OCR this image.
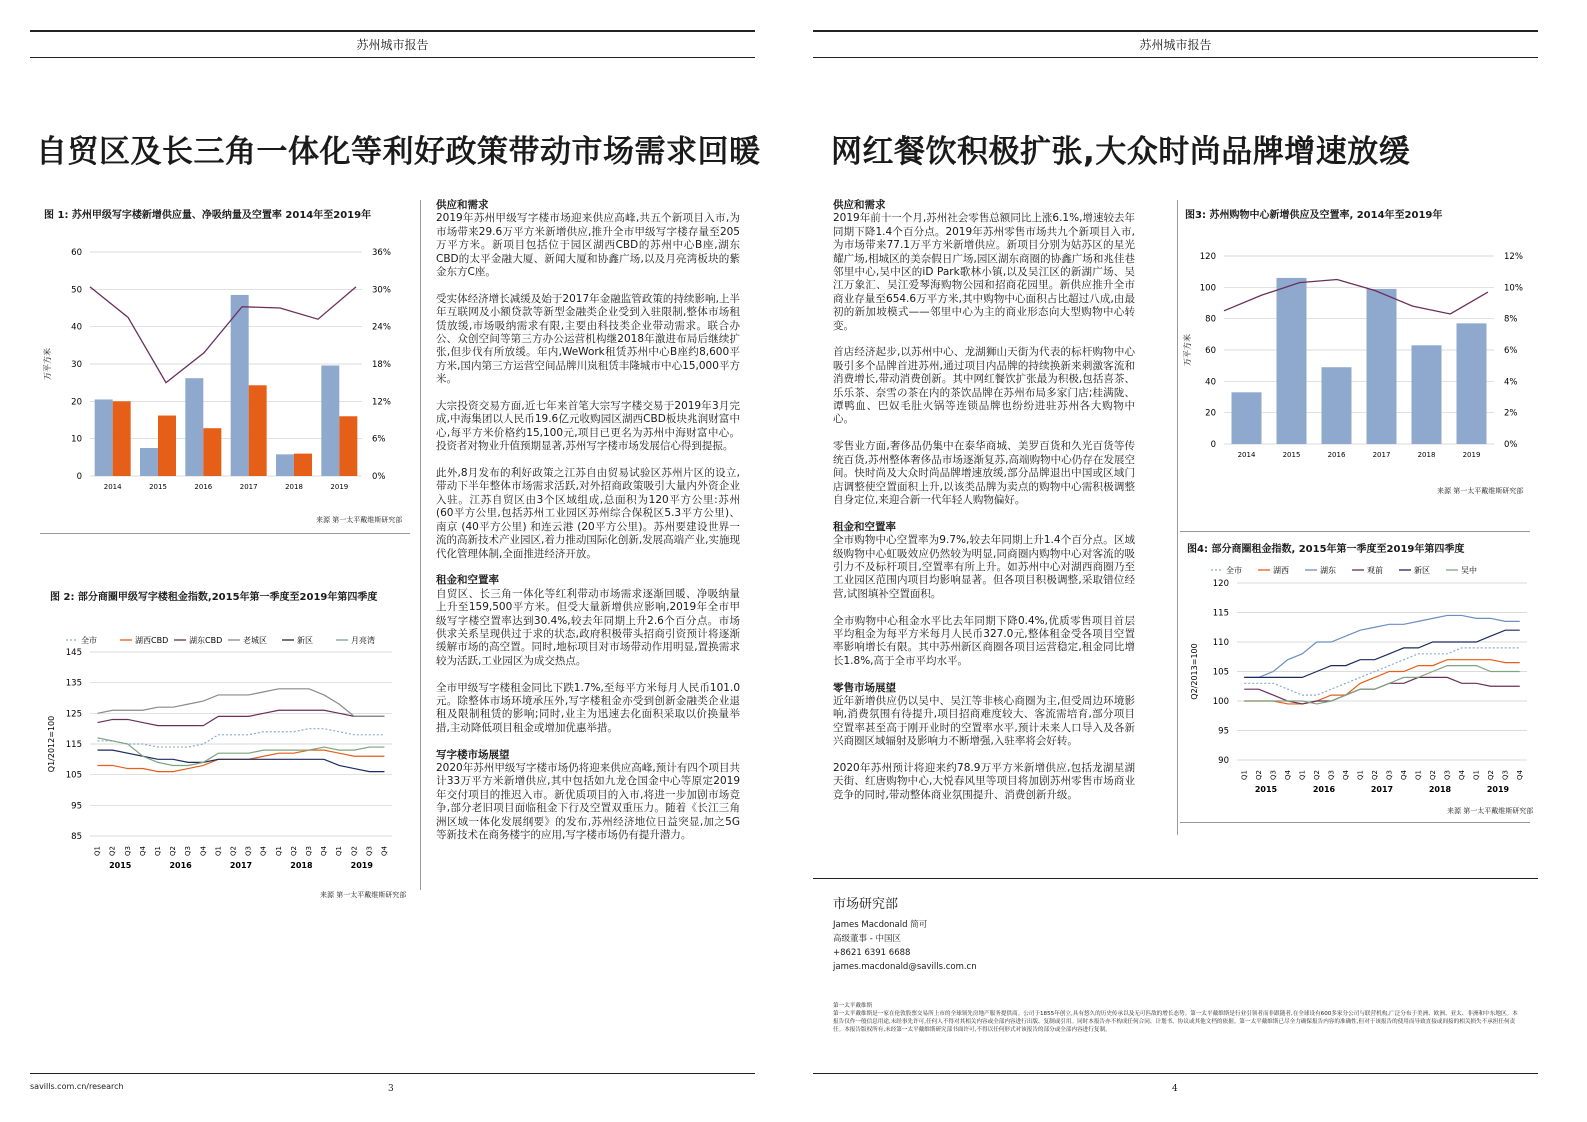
苏州城市报告
自贸区及长三角一体化等利好政策带动市场需求回暖
图 1: 苏州甲级写字楼新增供应量、净吸纳量及空置率 2014年至2019年
万平方米
0	0%
10	6%
20	12%
30	18%
40	24%
50	30%
60	36%
2014	2015	2016	2017	2018	2019
来源 第一太平戴维斯研究部
图 2: 部分商圈甲级写字楼租金指数,2015年第一季度至2019年第四季度
全市	湖西CBD	湖东CBD	老城区	新区	月亮湾
Q1/2012=100
85
95
105
115
125
135
145
Q1 Q2 Q3 Q4 Q1 Q2 Q3 Q4 Q1 Q2 Q3 Q4 Q1 Q2 Q3 Q4 Q1 Q2 Q3 Q4
2015	2016	2017	2018	2019
来源 第一太平戴维斯研究部
供应和需求

2019年苏州甲级写字楼市场迎来供应高峰,共五个新项目入市,为市场带来29.6万平方米新增供应,推升全市甲级写字楼存量至205万平方米。新项目包括位于园区湖西CBD的苏州中心B座,湖东CBD的太平金融大厦、新闻大厦和协鑫广场,以及月亮湾板块的紫金东方C座。

受实体经济增长减缓及始于2017年金融监管政策的持续影响,上半年互联网及小额贷款等新型金融类企业受到入驻限制,整体市场租赁放缓,市场吸纳需求有限,主要由科技类企业带动需求。联合办公、众创空间等第三方办公运营机构继2018年激进布局后继续扩张,但步伐有所放缓。年内,WeWork租赁苏州中心B座约8,600平方米,国内第三方运营空间品牌川岚租赁丰隆城市中心15,000平方米。

大宗投资交易方面,近七年来首笔大宗写字楼交易于2019年3月完成,中海集团以人民币19.6亿元收购园区湖西CBD板块兆润财富中心,每平方米价格约15,100元,项目已更名为苏州中海财富中心。投资者对物业升值预期显著,苏州写字楼市场发展信心得到提振。

此外,8月发布的利好政策之江苏自由贸易试验区苏州片区的设立,带动下半年整体市场需求活跃,对外招商政策吸引大量内外资企业入驻。江苏自贸区由3个区域组成,总面积为120平方公里:苏州 (60平方公里,包括苏州工业园区苏州综合保税区5.3平方公里)、南京 (40平方公里) 和连云港 (20平方公里)。苏州要建设世界一流的高新技术产业园区,着力推动国际化创新,发展高端产业,实施现代化管理体制,全面推进经济开放。

租金和空置率

自贸区、长三角一体化等红利带动市场需求逐渐回暖、净吸纳量上升至159,500平方米。但受大量新增供应影响,2019年全市甲级写字楼空置率达到30.4%,较去年同期上升2.6个百分点。市场供求关系呈现供过于求的状态,政府积极带头招商引资预计将逐渐缓解市场的高空置。同时,地标项目对市场带动作用明显,置换需求较为活跃,工业园区为成交热点。

全市甲级写字楼租金同比下跌1.7%,至每平方米每月人民币101.0元。除整体市场环境承压外,写字楼租金亦受到创新金融类企业退租及限制租赁的影响;同时,业主为迅速去化面积采取以价换量举措,主动降低项目租金或增加优惠举措。

写字楼市场展望

2020年苏州甲级写字楼市场仍将迎来供应高峰,预计有四个项目共计33万平方米新增供应,其中包括如九龙仓国金中心等原定2019年交付项目的推迟入市。新优质项目的入市,将进一步加剧市场竞争,部分老旧项目面临租金下行及空置双重压力。随着《长江三角洲区域一体化发展纲要》的发布,苏州经济地位日益突显,加之5G等新技术在商务楼宇的应用,写字楼市场仍有提升潜力。

savills.com.cn/research	3
苏州城市报告
网红餐饮积极扩张,大众时尚品牌增速放缓
供应和需求

2019年前十一个月,苏州社会零售总额同比上涨6.1%,增速较去年同期下降1.4个百分点。2019年苏州零售市场共九个新项目入市,为市场带来77.1万平方米新增供应。新项目分别为姑苏区的星光耀广场,相城区的美奈假日广场,园区湖东商圈的协鑫广场和兆佳巷邻里中心,吴中区的iD Park歌林小镇,以及吴江区的新湖广场、吴江万象汇、吴江爱琴海购物公园和招商花园里。新供应推升全市商业存量至654.6万平方米,其中购物中心面积占比超过八成,由最初的新加坡模式——邻里中心为主的商业形态向大型购物中心转变。

首店经济起步,以苏州中心、龙湖狮山天街为代表的标杆购物中心吸引多个品牌首进苏州,通过项目内品牌的持续换新来刺激客流和消费增长,带动消费创新。其中网红餐饮扩张最为积极,包括喜茶、乐乐茶、奈雪の茶在内的茶饮品牌在苏州布局多家门店;桂满陇、谭鸭血、巴奴毛肚火锅等连锁品牌也纷纷进驻苏州各大购物中心。

零售业方面,奢侈品仍集中在泰华商城、美罗百货和久光百货等传统百货,苏州整体奢侈品市场逐渐复苏,高端购物中心仍存在发展空间。快时尚及大众时尚品牌增速放缓,部分品牌退出中国或区域门店调整使空置面积上升,以该类品牌为卖点的购物中心需积极调整自身定位,来迎合新一代年轻人购物偏好。

租金和空置率

全市购物中心空置率为9.7%,较去年同期上升1.4个百分点。区域级购物中心虹吸效应仍然较为明显,同商圈内购物中心对客流的吸引力不及标杆项目,空置率有所上升。如苏州中心对湖西商圈乃至工业园区范围内项目均影响显著。但各项目积极调整,采取错位经营,试图填补空置面积。

全市购物中心租金水平比去年同期下降0.4%,优质零售项目首层平均租金为每平方米每月人民币327.0元,整体租金受各项目空置率影响增长有限。其中苏州新区商圈各项目运营稳定,租金同比增长1.8%,高于全市平均水平。

零售市场展望

近年新增供应仍以吴中、吴江等非核心商圈为主,但受周边环境影响,消费氛围有待提升,项目招商难度较大、客流需培育,部分项目空置率甚至高于刚开业时的空置率水平,预计未来人口导入及各新兴商圈区域辐射及影响力不断增强,入驻率将会好转。

2020年苏州预计将迎来约78.9万平方米新增供应,包括龙湖星湖天街、红唐购物中心,大悦春风里等项目将加剧苏州零售市场商业竞争的同时,带动整体商业氛围提升、消费创新升级。

图3: 苏州购物中心新增供应及空置率, 2014年至2019年
万平方米
0	0%
20	2%
40	4%
60	6%
80	8%
100	10%
120	12%
2014	2015	2016	2017	2018	2019
来源 第一太平戴维斯研究部
图4: 部分商圈租金指数, 2015年第一季度至2019年第四季度
全市	湖西	湖东	观前	新区	吴中
Q2/2013=100
90
95
100
105
110
115
120
Q1 Q2 Q3 Q4 Q1 Q2 Q3 Q4 Q1 Q2 Q3 Q4 Q1 Q2 Q3 Q4 Q1 Q2 Q3 Q4
2015	2016	2017	2018	2019
来源 第一太平戴维斯研究部
市场研究部
James Macdonald 简可
高级董事 - 中国区
+8621 6391 6688
james.macdonald@savills.com.cn
第一太平戴维斯
第一太平戴维斯是一家在伦敦股票交易所上市的全球领先房地产服务提供商。公司于1855年创立,具有悠久的历史传承以及无可匹敌的增长态势。第一太平戴维斯是行业引领者而非跟随者,在全球设有600多家分公司与联营机构,广泛分布于美洲、欧洲、亚太、非洲和中东地区。本报告仅作一般信息用途,未经事先许可,任何人不得对其相关内容或全部内容进行出版、复制或引用。同时本报告亦不构成任何合同、计划书、协议或其他文档的依据。第一太平戴维斯已尽全力确保报告内容的准确性,但对于该报告的使用而导致直接或间接的相关损失不承担任何责任。本报告版权所有,未经第一太平戴维斯研究部书面许可,不得以任何形式对该报告的部分或全部内容进行复制。
4
